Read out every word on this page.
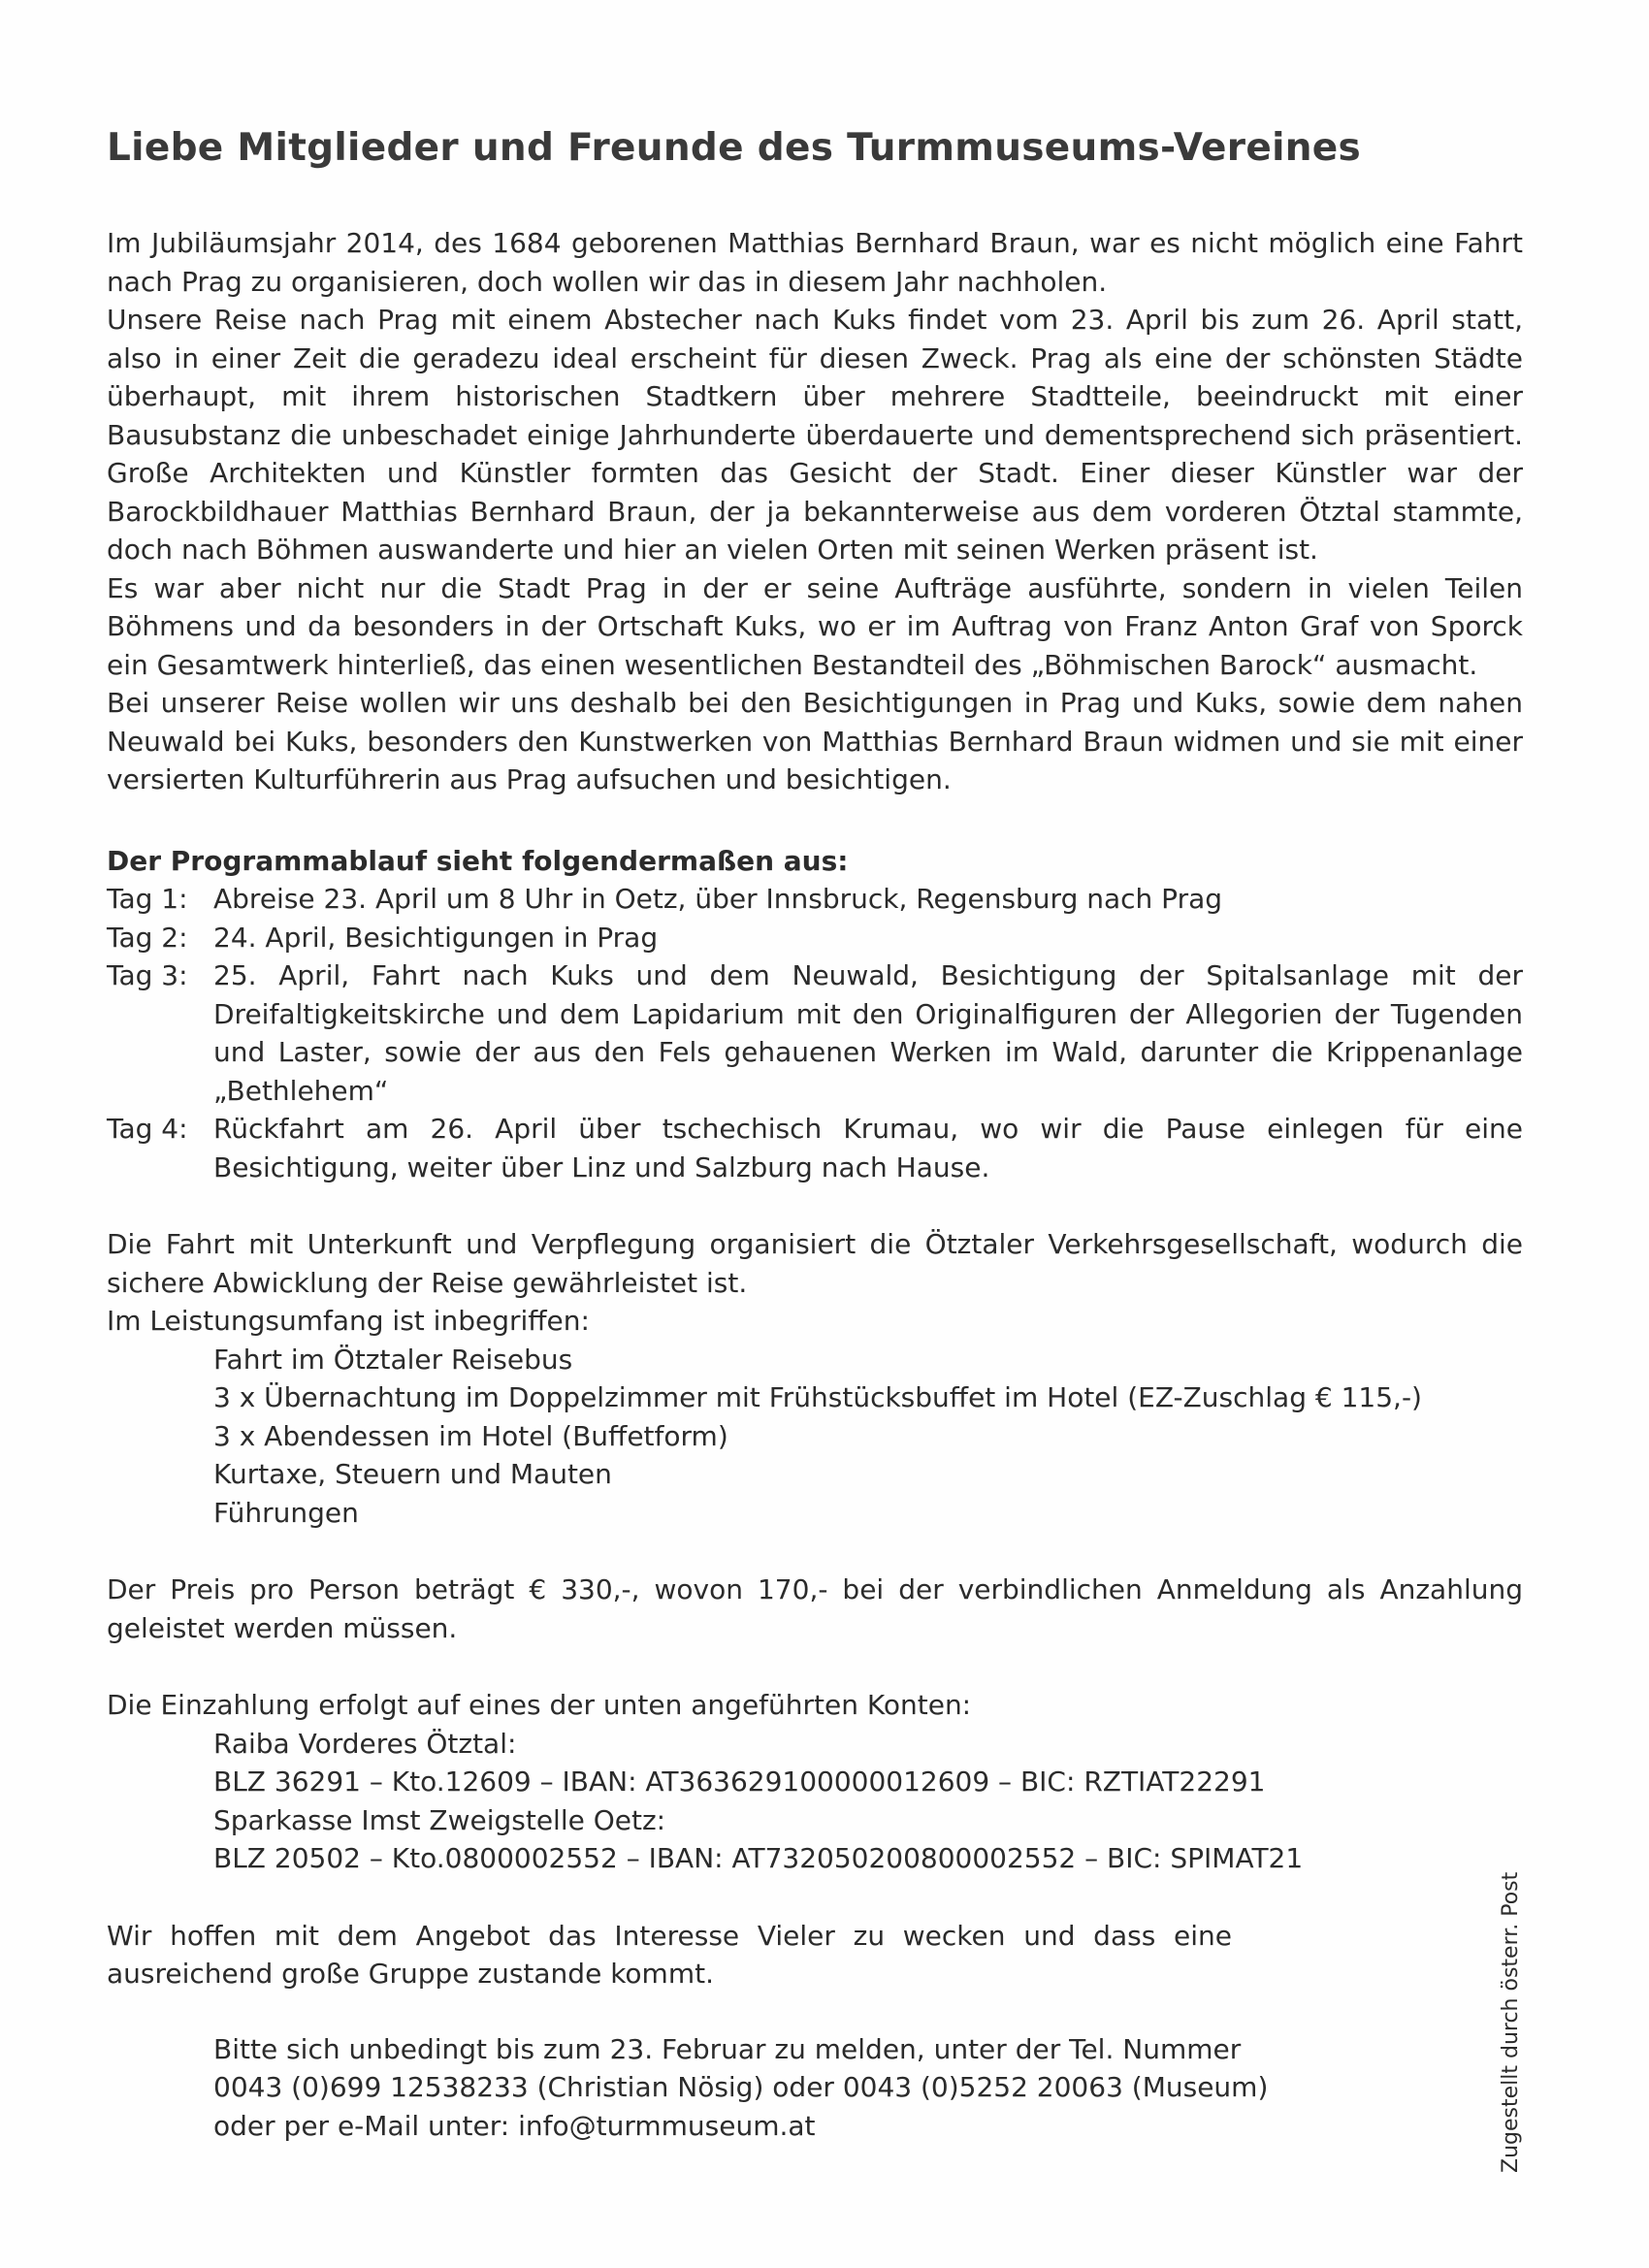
Liebe Mitglieder und Freunde des Turmmuseums-Vereines

Im Jubiläumsjahr 2014, des 1684 geborenen Matthias Bernhard Braun, war es nicht möglich eine Fahrt nach Prag zu organisieren, doch wollen wir das in diesem Jahr nachholen.

Unsere Reise nach Prag mit einem Abstecher nach Kuks findet vom 23. April bis zum 26. April statt, also in einer Zeit die geradezu ideal erscheint für diesen Zweck. Prag als eine der schönsten Städte überhaupt, mit ihrem historischen Stadtkern über mehrere Stadtteile, beeindruckt mit einer Bausubstanz die unbeschadet einige Jahrhunderte überdauerte und dementsprechend sich präsentiert. Große Architekten und Künstler formten das Gesicht der Stadt. Einer dieser Künstler war der Barockbildhauer Matthias Bernhard Braun, der ja bekannterweise aus dem vorderen Ötztal stammte, doch nach Böhmen auswanderte und hier an vielen Orten mit seinen Werken präsent ist.

Es war aber nicht nur die Stadt Prag in der er seine Aufträge ausführte, sondern in vielen Teilen Böhmens und da besonders in der Ortschaft Kuks, wo er im Auftrag von Franz Anton Graf von Sporck ein Gesamtwerk hinterließ, das einen wesentlichen Bestandteil des „Böhmischen Barock“ ausmacht.

Bei unserer Reise wollen wir uns deshalb bei den Besichtigungen in Prag und Kuks, sowie dem nahen Neuwald bei Kuks, besonders den Kunstwerken von Matthias Bernhard Braun widmen und sie mit einer versierten Kulturführerin aus Prag aufsuchen und besichtigen.

Der Programmablauf sieht folgendermaßen aus:
Tag 1: Abreise 23. April um 8 Uhr in Oetz, über Innsbruck, Regensburg nach Prag
Tag 2: 24. April, Besichtigungen in Prag
Tag 3: 25. April, Fahrt nach Kuks und dem Neuwald, Besichtigung der Spitalsanlage mit der Dreifaltigkeitskirche und dem Lapidarium mit den Originalfiguren der Allegorien der Tugenden und Laster, sowie der aus den Fels gehauenen Werken im Wald, darunter die Krippenanlage „Bethlehem“
Tag 4: Rückfahrt am 26. April über tschechisch Krumau, wo wir die Pause einlegen für eine Besichtigung, weiter über Linz und Salzburg nach Hause.

Die Fahrt mit Unterkunft und Verpflegung organisiert die Ötztaler Verkehrsgesellschaft, wodurch die sichere Abwicklung der Reise gewährleistet ist.

Im Leistungsumfang ist inbegriffen:

Fahrt im Ötztaler Reisebus
3 x Übernachtung im Doppelzimmer mit Frühstücksbuffet im Hotel (EZ-Zuschlag € 115,-)
3 x Abendessen im Hotel (Buffetform)
Kurtaxe, Steuern und Mauten
Führungen

Der Preis pro Person beträgt € 330,-, wovon 170,- bei der verbindlichen Anmeldung als Anzahlung geleistet werden müssen.

Die Einzahlung erfolgt auf eines der unten angeführten Konten:

Raiba Vorderes Ötztal:
BLZ 36291 – Kto.12609 – IBAN: AT363629100000012609 – BIC: RZTIAT22291
Sparkasse Imst Zweigstelle Oetz:
BLZ 20502 – Kto.0800002552 – IBAN: AT732050200800002552 – BIC: SPIMAT21

Wir hoffen mit dem Angebot das Interesse Vieler zu wecken und dass eine ausreichend große Gruppe zustande kommt.

Bitte sich unbedingt bis zum 23. Februar zu melden, unter der Tel. Nummer
0043 (0)699 12538233 (Christian Nösig) oder 0043 (0)5252 20063 (Museum)
oder per e-Mail unter: info@turmmuseum.at	Zugestellt durch österr. Post
